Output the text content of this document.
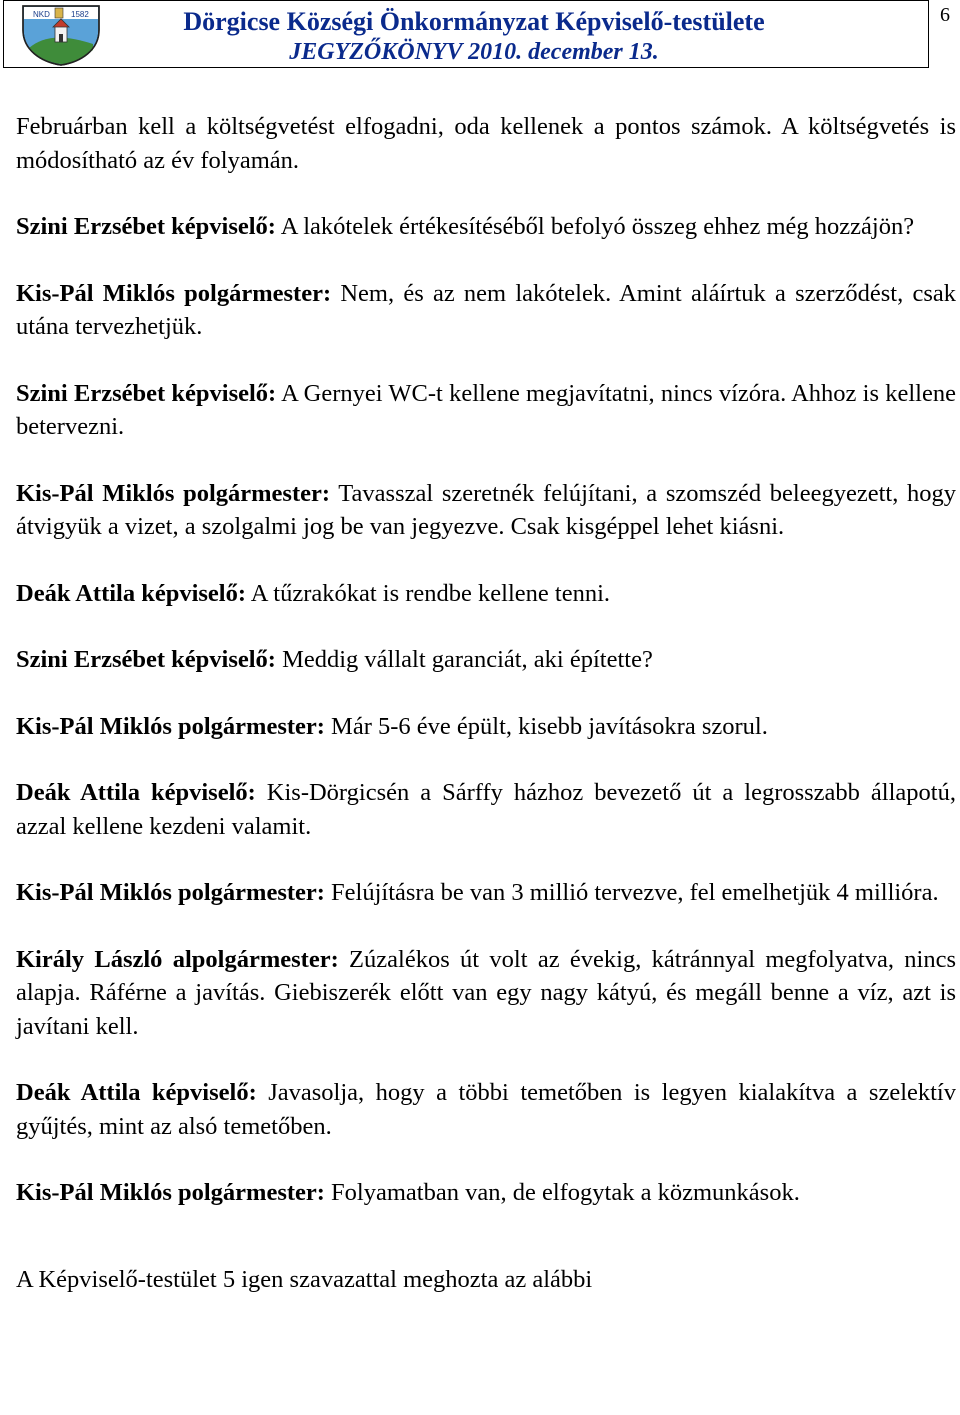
NKD	1582	Dörgicse Községi Önkormányzat Képviselő-testülete
JEGYZŐKÖNYV 2010. december 13.
6

Februárban kell a költségvetést elfogadni, oda kellenek a pontos számok. A költségvetés is módosítható az év folyamán.

Szini Erzsébet képviselő: A lakótelek értékesítéséből befolyó összeg ehhez még hozzájön?

Kis-Pál Miklós polgármester: Nem, és az nem lakótelek. Amint aláírtuk a szerződést, csak utána tervezhetjük.

Szini Erzsébet képviselő: A Gernyei WC-t kellene megjavítatni, nincs vízóra. Ahhoz is kellene betervezni.

Kis-Pál Miklós polgármester: Tavasszal szeretnék felújítani, a szomszéd beleegyezett, hogy átvigyük a vizet, a szolgalmi jog be van jegyezve. Csak kisgéppel lehet kiásni.

Deák Attila képviselő: A tűzrakókat is rendbe kellene tenni.

Szini Erzsébet képviselő: Meddig vállalt garanciát, aki építette?

Kis-Pál Miklós polgármester: Már 5-6 éve épült, kisebb javításokra szorul.

Deák Attila képviselő: Kis-Dörgicsén a Sárffy házhoz bevezető út a legrosszabb állapotú, azzal kellene kezdeni valamit.

Kis-Pál Miklós polgármester: Felújításra be van 3 millió tervezve, fel emelhetjük 4 millióra.

Király László alpolgármester: Zúzalékos út volt az évekig, kátránnyal megfolyatva, nincs alapja. Ráférne a javítás. Giebiszerék előtt van egy nagy kátyú, és megáll benne a víz, azt is javítani kell.

Deák Attila képviselő: Javasolja, hogy a többi temetőben is legyen kialakítva a szelektív gyűjtés, mint az alsó temetőben.

Kis-Pál Miklós polgármester: Folyamatban van, de elfogytak a közmunkások.

A Képviselő-testület 5 igen szavazattal meghozta az alábbi
